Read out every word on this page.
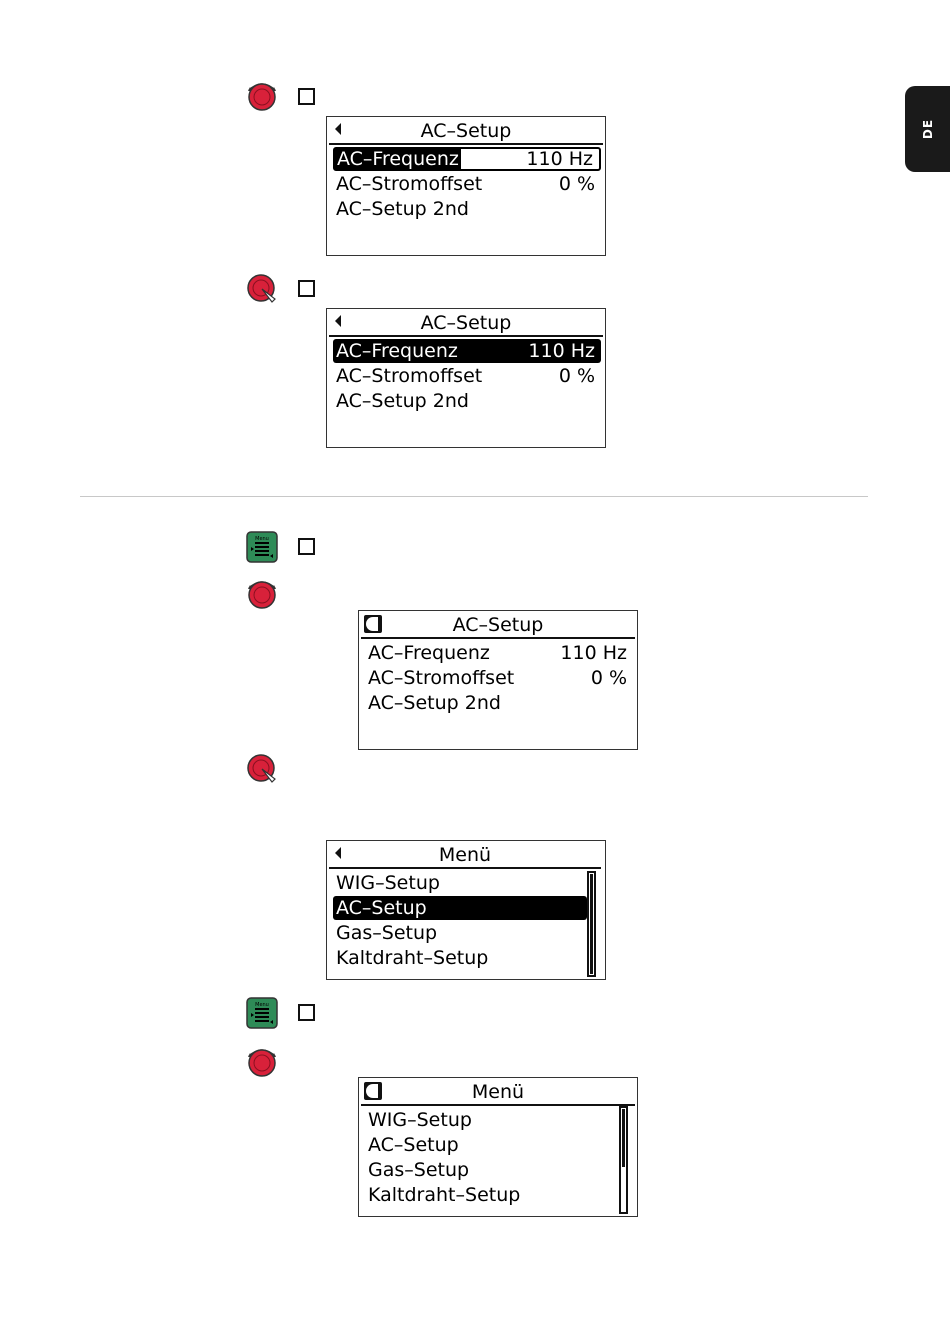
DE
AC–Setup
AC–Frequenz	110 Hz
AC–Stromoffset	0 %
AC–Setup 2nd
AC–Setup
AC–Frequenz	110 Hz
AC–Stromoffset	0 %
AC–Setup 2nd
Menu
AC–Setup
AC–Frequenz	110 Hz
AC–Stromoffset	0 %
AC–Setup 2nd
Menü
WIG–Setup
AC–Setup
Gas–Setup
Kaltdraht–Setup
Menu
Menü
WIG–Setup
AC–Setup
Gas–Setup
Kaltdraht–Setup
